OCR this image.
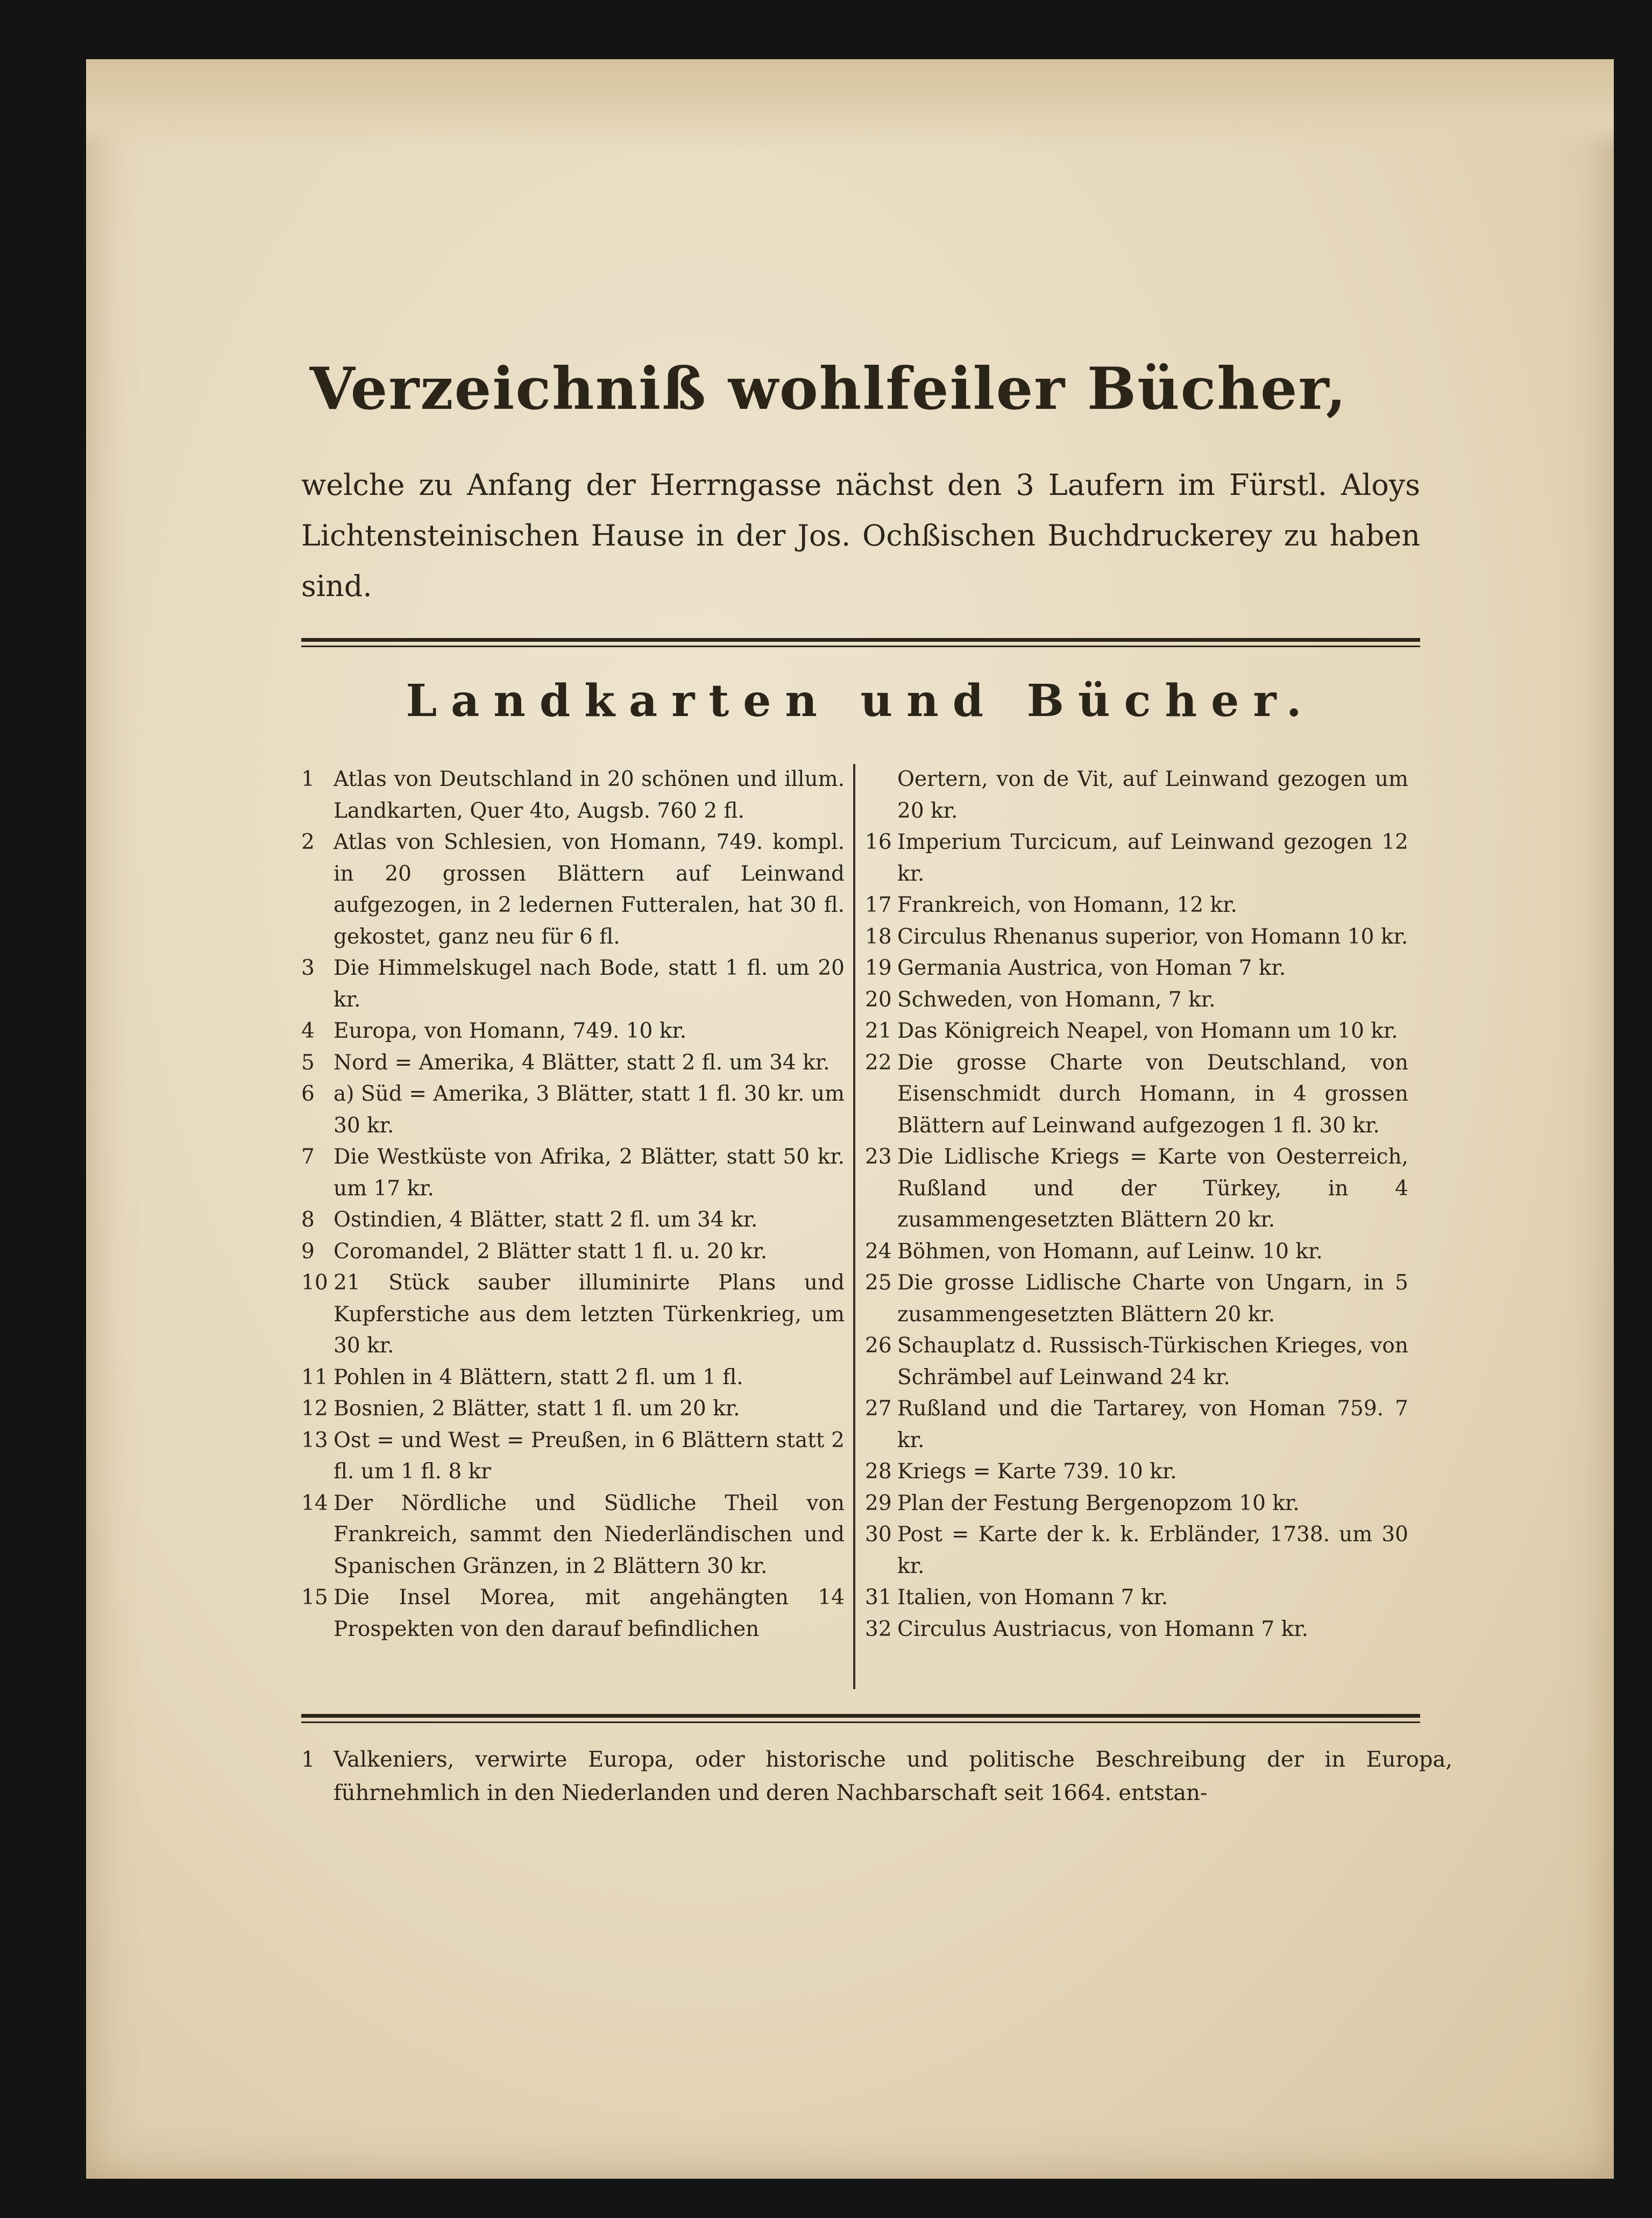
Verzeichniß wohlfeiler Bücher,
welche zu Anfang der Herrngasse nächst den 3 Laufern im Fürstl. Aloys Lichtensteinischen Hause in der Jos. Ochßischen Buchdruckerey zu haben sind.
Landkarten und Bücher.
1 Atlas von Deutschland in 20 schönen und illum. Landkarten, Quer 4to, Augsb. 760 2 fl.
2 Atlas von Schlesien, von Homann, 749. kompl. in 20 grossen Blättern auf Leinwand aufgezogen, in 2 ledernen Futteralen, hat 30 fl. gekostet, ganz neu für 6 fl.
3 Die Himmelskugel nach Bode, statt 1 fl. um 20 kr.
4 Europa, von Homann, 749. 10 kr.
5 Nord = Amerika, 4 Blätter, statt 2 fl. um 34 kr.
6 a) Süd = Amerika, 3 Blätter, statt 1 fl. 30 kr. um 30 kr.
7 Die Westküste von Afrika, 2 Blätter, statt 50 kr. um 17 kr.
8 Ostindien, 4 Blätter, statt 2 fl. um 34 kr.
9 Coromandel, 2 Blätter statt 1 fl. u. 20 kr.
10 21 Stück sauber illuminirte Plans und Kupferstiche aus dem letzten Türkenkrieg, um 30 kr.
11 Pohlen in 4 Blättern, statt 2 fl. um 1 fl.
12 Bosnien, 2 Blätter, statt 1 fl. um 20 kr.
13 Ost = und West = Preußen, in 6 Blättern statt 2 fl. um 1 fl. 8 kr
14 Der Nördliche und Südliche Theil von Frankreich, sammt den Niederländischen und Spanischen Gränzen, in 2 Blättern 30 kr.
15 Die Insel Morea, mit angehängten 14 Prospekten von den darauf befindlichen
Oertern, von de Vit, auf Leinwand gezogen um 20 kr.
16 Imperium Turcicum, auf Leinwand gezogen 12 kr.
17 Frankreich, von Homann, 12 kr.
18 Circulus Rhenanus superior, von Homann 10 kr.
19 Germania Austrica, von Homan 7 kr.
20 Schweden, von Homann, 7 kr.
21 Das Königreich Neapel, von Homann um 10 kr.
22 Die grosse Charte von Deutschland, von Eisenschmidt durch Homann, in 4 grossen Blättern auf Leinwand aufgezogen 1 fl. 30 kr.
23 Die Lidlische Kriegs = Karte von Oesterreich, Rußland und der Türkey, in 4 zusammengesetzten Blättern 20 kr.
24 Böhmen, von Homann, auf Leinw. 10 kr.
25 Die grosse Lidlische Charte von Ungarn, in 5 zusammengesetzten Blättern 20 kr.
26 Schauplatz d. Russisch-Türkischen Krieges, von Schrämbel auf Leinwand 24 kr.
27 Rußland und die Tartarey, von Homan 759. 7 kr.
28 Kriegs = Karte 739. 10 kr.
29 Plan der Festung Bergenopzom 10 kr.
30 Post = Karte der k. k. Erbländer, 1738. um 30 kr.
31 Italien, von Homann 7 kr.
32 Circulus Austriacus, von Homann 7 kr.
1 Valkeniers, verwirte Europa, oder historische und politische Beschreibung der in Europa, führnehmlich in den Niederlanden und deren Nachbarschaft seit 1664. entstan-
